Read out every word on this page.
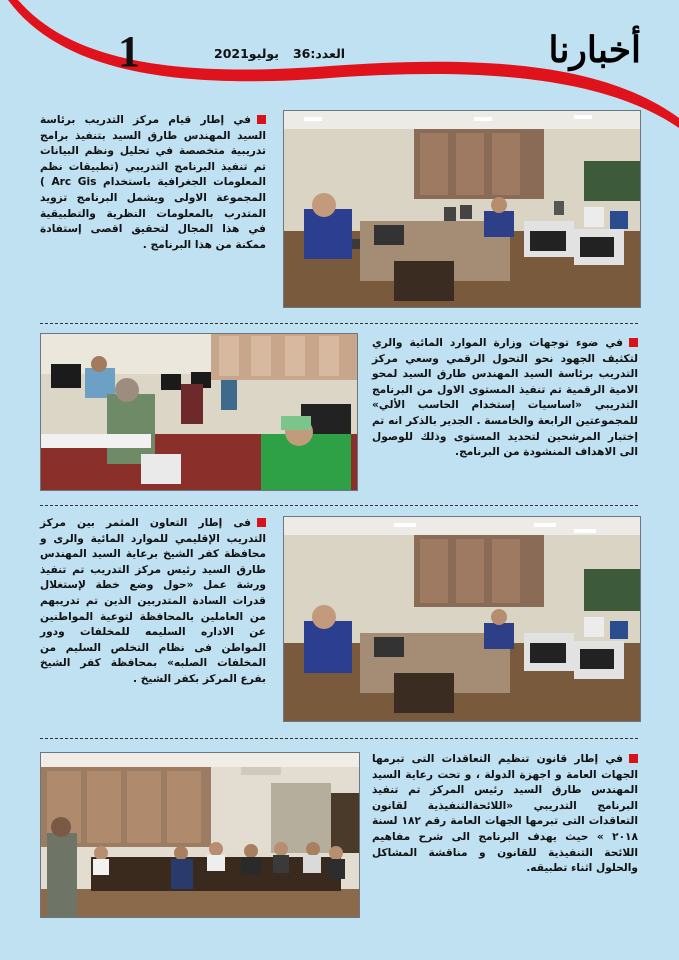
1	العدد:36يوليو2021	أخبارنا
في إطار قيام مركز التدريب برئاسة السيد المهندس طارق السيد بتنفيذ برامج تدريبية متخصصة في تحليل ونظم البيانات تم تنفيذ البرنامج التدريبي (تطبيقات نظم المعلومات الجغرافية باستخدام Arc Gis ) المجموعة الاولى ويشمل البرنامج تزويد المتدرب بالمعلومات النظرية والتطبيقية في هذا المجال لتحقيق اقصى إستفادة ممكنة من هذا البرنامج .
في ضوء توجهات وزارة الموارد المائية والري لتكثيف الجهود نحو التحول الرقمي وسعي مركز التدريب برئاسة السيد المهندس طارق السيد لمحو الامية الرقمية تم تنفيذ المستوى الاول من البرنامج التدريبي «اساسيات إستخدام الحاسب الألي» للمجموعتين الرابعة والخامسة . الجدير بالذكر انه تم إختبار المرشحين لتحديد المستوى وذلك للوصول الى الاهداف المنشودة من البرنامج.
فى إطار التعاون المثمر بين مركز التدريب الإقليمي للموارد المائية والرى و محافظة كفر الشيخ برعاية السيد المهندس طارق السيد رئيس مركز التدريب تم تنفيذ ورشة عمل «حول وضع خطة لإستغلال قدرات السادة المتدربين الذين تم تدريبهم من العاملين بالمحافظة لتوعية المواطنين عن الاداره السليمه للمخلفات ودور المواطن فى نظام التخلص السليم من المخلفات الصلبه» بمحافظة كفر الشيخ بفرع المركز بكفر الشيخ .
في إطار قانون تنظيم التعاقدات التى تبرمها الجهات العامة و اجهزة الدولة ، و تحت رعاية السيد المهندس طارق السيد رئيس المركز تم تنفيذ البرنامج التدريبي «اللائحةالتنفيذية لقانون التعاقدات التى تبرمها الجهات العامة رقم ١٨٢ لسنة ٢٠١٨ » حيث يهدف البرنامج الى شرح مفاهيم اللائحة التنفيذية للقانون و مناقشة المشاكل والحلول اثناء تطبيقه.
